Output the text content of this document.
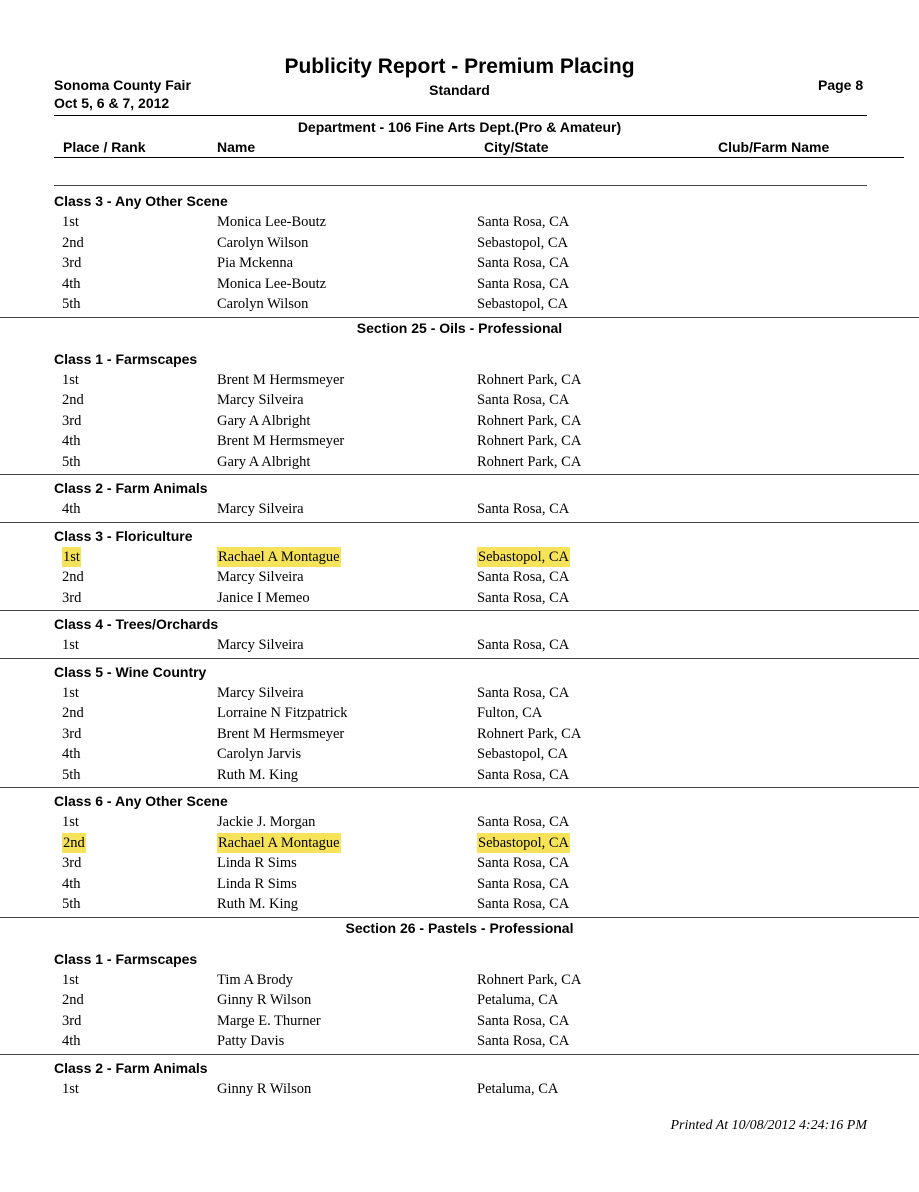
Publicity Report - Premium Placing
Standard
Sonoma County Fair
Oct 5, 6 & 7, 2012
Page 8
Department - 106 Fine Arts Dept.(Pro & Amateur)
Place / Rank	Name	City/State	Club/Farm Name
Class 3 - Any Other Scene
1st	Monica Lee-Boutz	Santa Rosa, CA
2nd	Carolyn Wilson	Sebastopol, CA
3rd	Pia Mckenna	Santa Rosa, CA
4th	Monica Lee-Boutz	Santa Rosa, CA
5th	Carolyn Wilson	Sebastopol, CA
Section 25 - Oils - Professional
Class 1 - Farmscapes
1st	Brent M Hermsmeyer	Rohnert Park, CA
2nd	Marcy Silveira	Santa Rosa, CA
3rd	Gary A Albright	Rohnert Park, CA
4th	Brent M Hermsmeyer	Rohnert Park, CA
5th	Gary A Albright	Rohnert Park, CA
Class 2 - Farm Animals
4th	Marcy Silveira	Santa Rosa, CA
Class 3 - Floriculture
1st	Rachael A Montague	Sebastopol, CA
2nd	Marcy Silveira	Santa Rosa, CA
3rd	Janice I Memeo	Santa Rosa, CA
Class 4 - Trees/Orchards
1st	Marcy Silveira	Santa Rosa, CA
Class 5 - Wine Country
1st	Marcy Silveira	Santa Rosa, CA
2nd	Lorraine N Fitzpatrick	Fulton, CA
3rd	Brent M Hermsmeyer	Rohnert Park, CA
4th	Carolyn Jarvis	Sebastopol, CA
5th	Ruth M. King	Santa Rosa, CA
Class 6 - Any Other Scene
1st	Jackie J. Morgan	Santa Rosa, CA
2nd	Rachael A Montague	Sebastopol, CA
3rd	Linda R Sims	Santa Rosa, CA
4th	Linda R Sims	Santa Rosa, CA
5th	Ruth M. King	Santa Rosa, CA
Section 26 - Pastels - Professional
Class 1 - Farmscapes
1st	Tim A Brody	Rohnert Park, CA
2nd	Ginny R Wilson	Petaluma, CA
3rd	Marge E. Thurner	Santa Rosa, CA
4th	Patty Davis	Santa Rosa, CA
Class 2 - Farm Animals
1st	Ginny R Wilson	Petaluma, CA
Printed At 10/08/2012 4:24:16 PM
